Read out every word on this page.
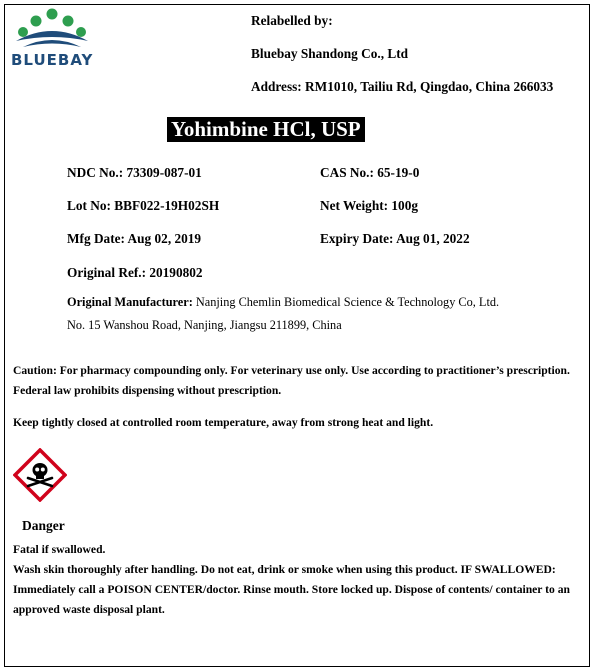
BLUEBAY
Relabelled by:
Bluebay Shandong Co., Ltd
Address: RM1010, Tailiu Rd, Qingdao, China 266033
Yohimbine HCl, USP
NDC No.: 73309-087-01	CAS No.: 65-19-0
Lot No: BBF022-19H02SH	Net Weight: 100g
Mfg Date: Aug 02, 2019	Expiry Date: Aug 01, 2022
Original Ref.: 20190802
Original Manufacturer: Nanjing Chemlin Biomedical Science & Technology Co, Ltd.
No. 15 Wanshou Road, Nanjing, Jiangsu 211899, China
Caution: For pharmacy compounding only. For veterinary use only. Use according to practitioner’s prescription. Federal law prohibits dispensing without prescription.
Keep tightly closed at controlled room temperature, away from strong heat and light.
Danger
Fatal if swallowed.
Wash skin thoroughly after handling. Do not eat, drink or smoke when using this product. IF SWALLOWED: Immediately call a POISON CENTER/doctor. Rinse mouth. Store locked up. Dispose of contents/ container to an approved waste disposal plant.
